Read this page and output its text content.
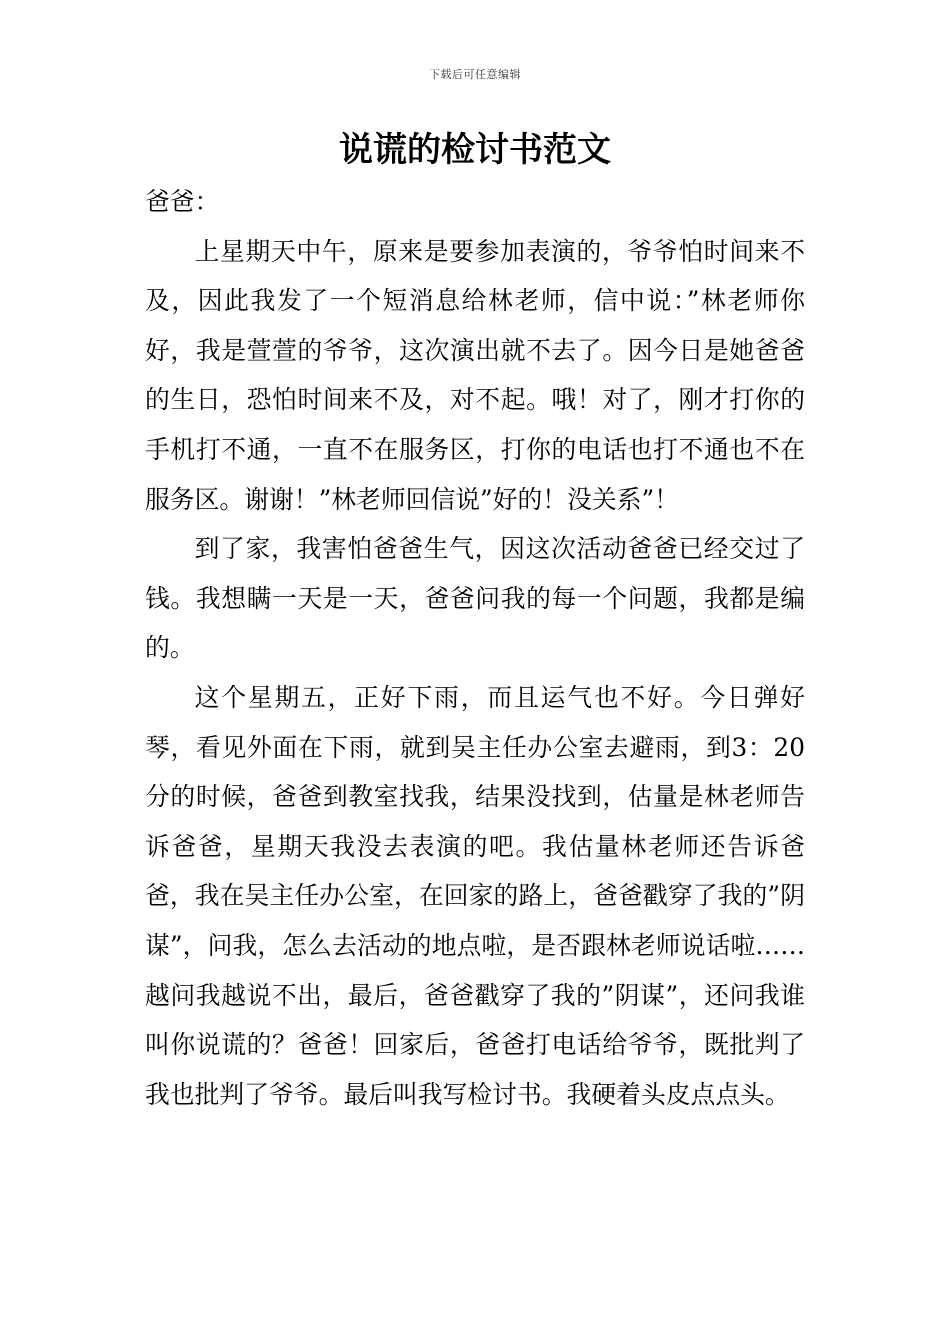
下载后可任意编辑
说谎的检讨书范文

爸爸：

上星期天中午，原来是要参加表演的，爷爷怕时间来不及，因此我发了一个短消息给林老师，信中说：”林老师你好，我是萱萱的爷爷，这次演出就不去了。因今日是她爸爸的生日，恐怕时间来不及，对不起。哦！对了，刚才打你的手机打不通，一直不在服务区，打你的电话也打不通也不在服务区。谢谢！”林老师回信说”好的！没关系”！

到了家，我害怕爸爸生气，因这次活动爸爸已经交过了钱。我想瞒一天是一天，爸爸问我的每一个问题，我都是编的。

这个星期五，正好下雨，而且运气也不好。今日弹好琴，看见外面在下雨，就到吴主任办公室去避雨，到3：20分的时候，爸爸到教室找我，结果没找到，估量是林老师告诉爸爸，星期天我没去表演的吧。我估量林老师还告诉爸爸，我在吴主任办公室，在回家的路上，爸爸戳穿了我的”阴谋”，问我，怎么去活动的地点啦，是否跟林老师说话啦……越问我越说不出，最后，爸爸戳穿了我的”阴谋”，还问我谁叫你说谎的？爸爸！回家后，爸爸打电话给爷爷，既批判了我也批判了爷爷。最后叫我写检讨书。我硬着头皮点点头。
